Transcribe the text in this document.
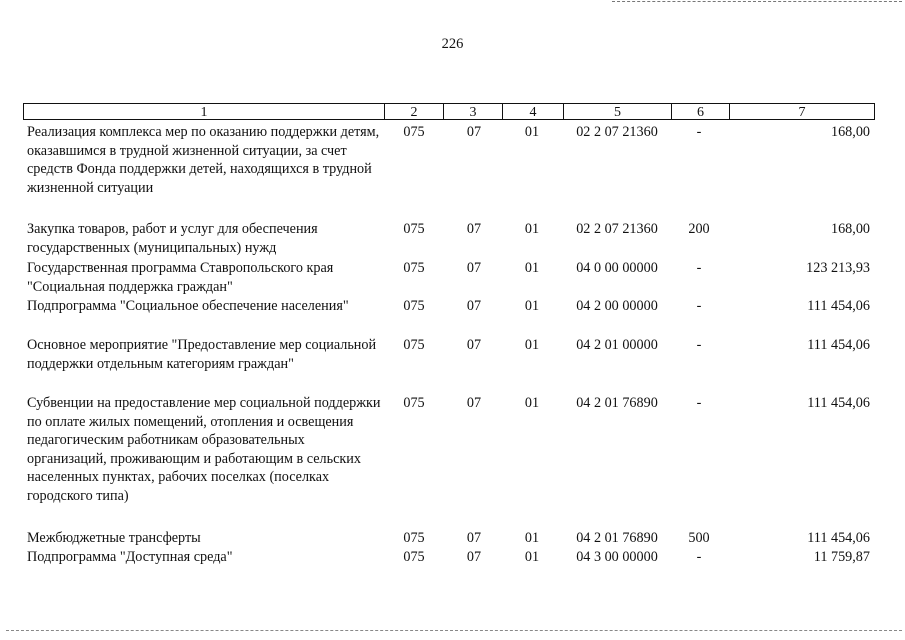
226
1	2	3	4	5	6	7
Реализация комплекса мер по оказанию поддержки детям, оказавшимся в трудной жизненной ситуации, за счет средств Фонда поддержки детей, находящихся в трудной жизненной ситуации
075	07	01	02 2 07 21360	-	168,00
Закупка товаров, работ и услуг для обеспечения государственных (муниципальных) нужд
075	07	01	02 2 07 21360	200	168,00
Государственная программа Ставропольского края "Социальная поддержка граждан"
075	07	01	04 0 00 00000	-	123 213,93
Подпрограмма "Социальное обеспечение населения"	075	07	01	04 2 00 00000	-	111 454,06
Основное мероприятие "Предоставление мер социальной поддержки отдельным категориям граждан"
075	07	01	04 2 01 00000	-	111 454,06
Субвенции на предоставление мер социальной поддержки по оплате жилых помещений, отопления и освещения педагогическим работникам образовательных организаций, проживающим и работающим в сельских населенных пунктах, рабочих поселках (поселках городского типа)
075	07	01	04 2 01 76890	-	111 454,06
Межбюджетные трансферты	075	07	01	04 2 01 76890	500	111 454,06
Подпрограмма "Доступная среда"	075	07	01	04 3 00 00000	-	11 759,87
